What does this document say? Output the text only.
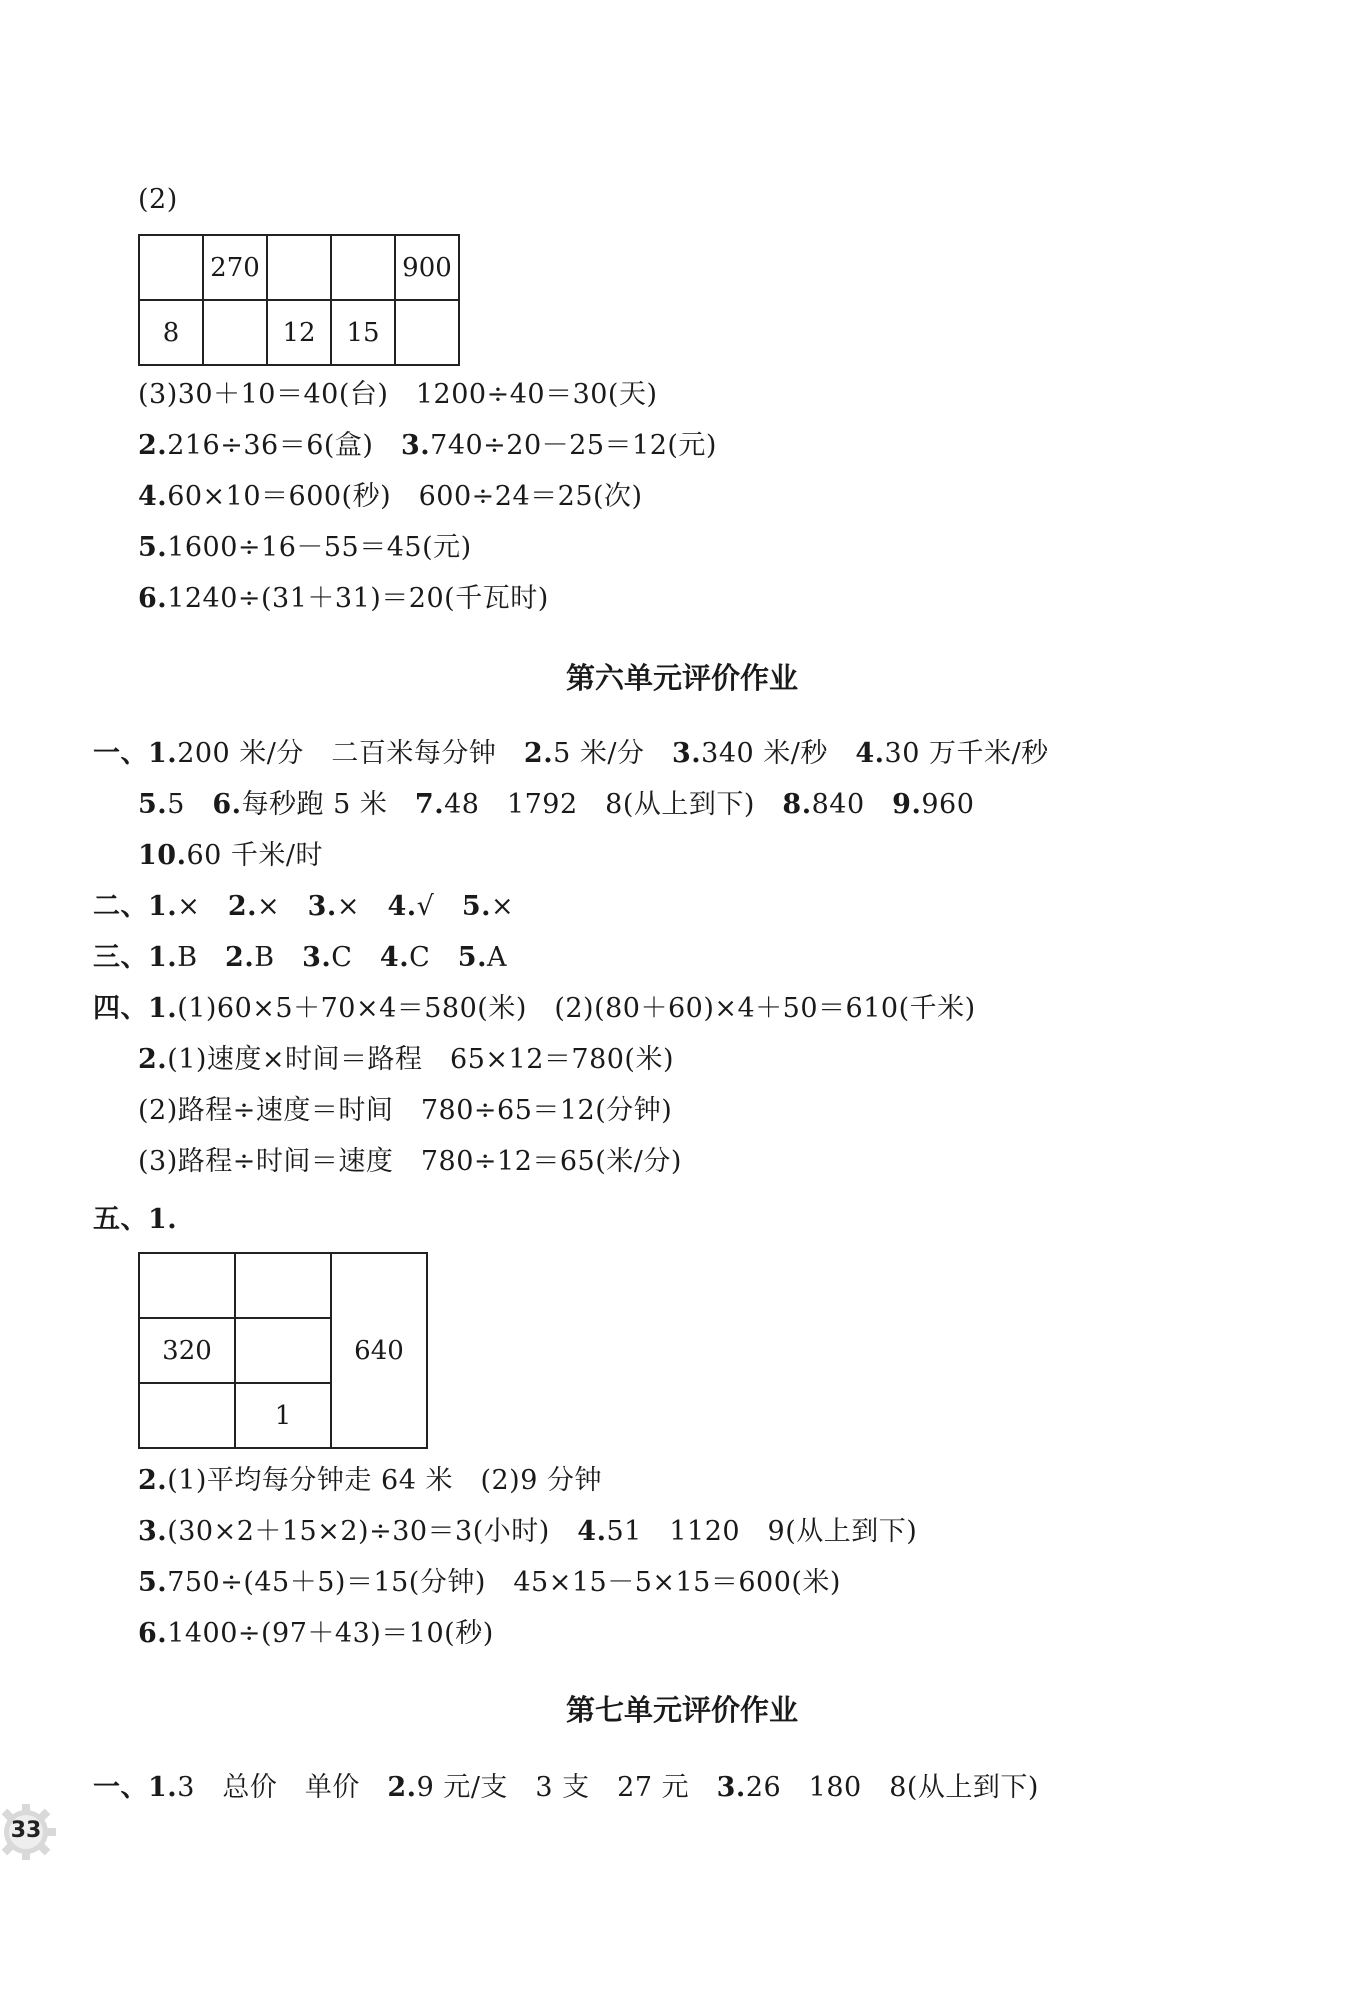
(2)
	270			900
8		12	15	
(3)30＋10＝40(台)　1200÷40＝30(天)
2.216÷36＝6(盒)　3.740÷20－25＝12(元)
4.60×10＝600(秒)　600÷24＝25(次)
5.1600÷16－55＝45(元)
6.1240÷(31＋31)＝20(千瓦时)
第六单元评价作业
一、1.200 米/分　二百米每分钟　2.5 米/分　3.340 米/秒　4.30 万千米/秒
5.5　6.每秒跑 5 米　7.48　1792　8(从上到下)　8.840　9.960
10.60 千米/时
二、1.×　2.×　3.×　4.√　5.×
三、1.B　2.B　3.C　4.C　5.A
四、1.(1)60×5＋70×4＝580(米)　(2)(80＋60)×4＋50＝610(千米)
2.(1)速度×时间＝路程　65×12＝780(米)
(2)路程÷速度＝时间　780÷65＝12(分钟)
(3)路程÷时间＝速度　780÷12＝65(米/分)
五、1.
		640
320		
	1	
2.(1)平均每分钟走 64 米　(2)9 分钟
3.(30×2＋15×2)÷30＝3(小时)　4.51　1120　9(从上到下)
5.750÷(45＋5)＝15(分钟)　45×15－5×15＝600(米)
6.1400÷(97＋43)＝10(秒)
第七单元评价作业
一、1.3　总价　单价　2.9 元/支　3 支　27 元　3.26　180　8(从上到下)
33
